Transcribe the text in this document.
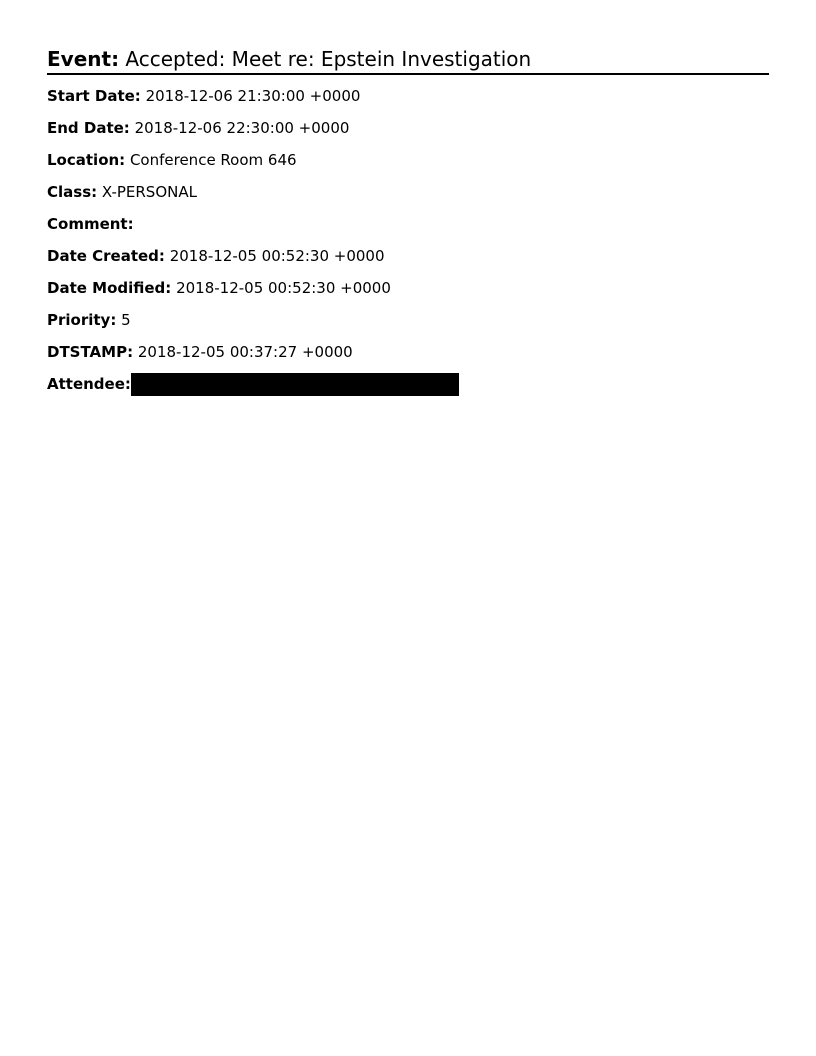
Event: Accepted: Meet re: Epstein Investigation
Start Date: 2018-12-06 21:30:00 +0000
End Date: 2018-12-06 22:30:00 +0000
Location: Conference Room 646
Class: X-PERSONAL
Comment:
Date Created: 2018-12-05 00:52:30 +0000
Date Modified: 2018-12-05 00:52:30 +0000
Priority: 5
DTSTAMP: 2018-12-05 00:37:27 +0000
Attendee:
